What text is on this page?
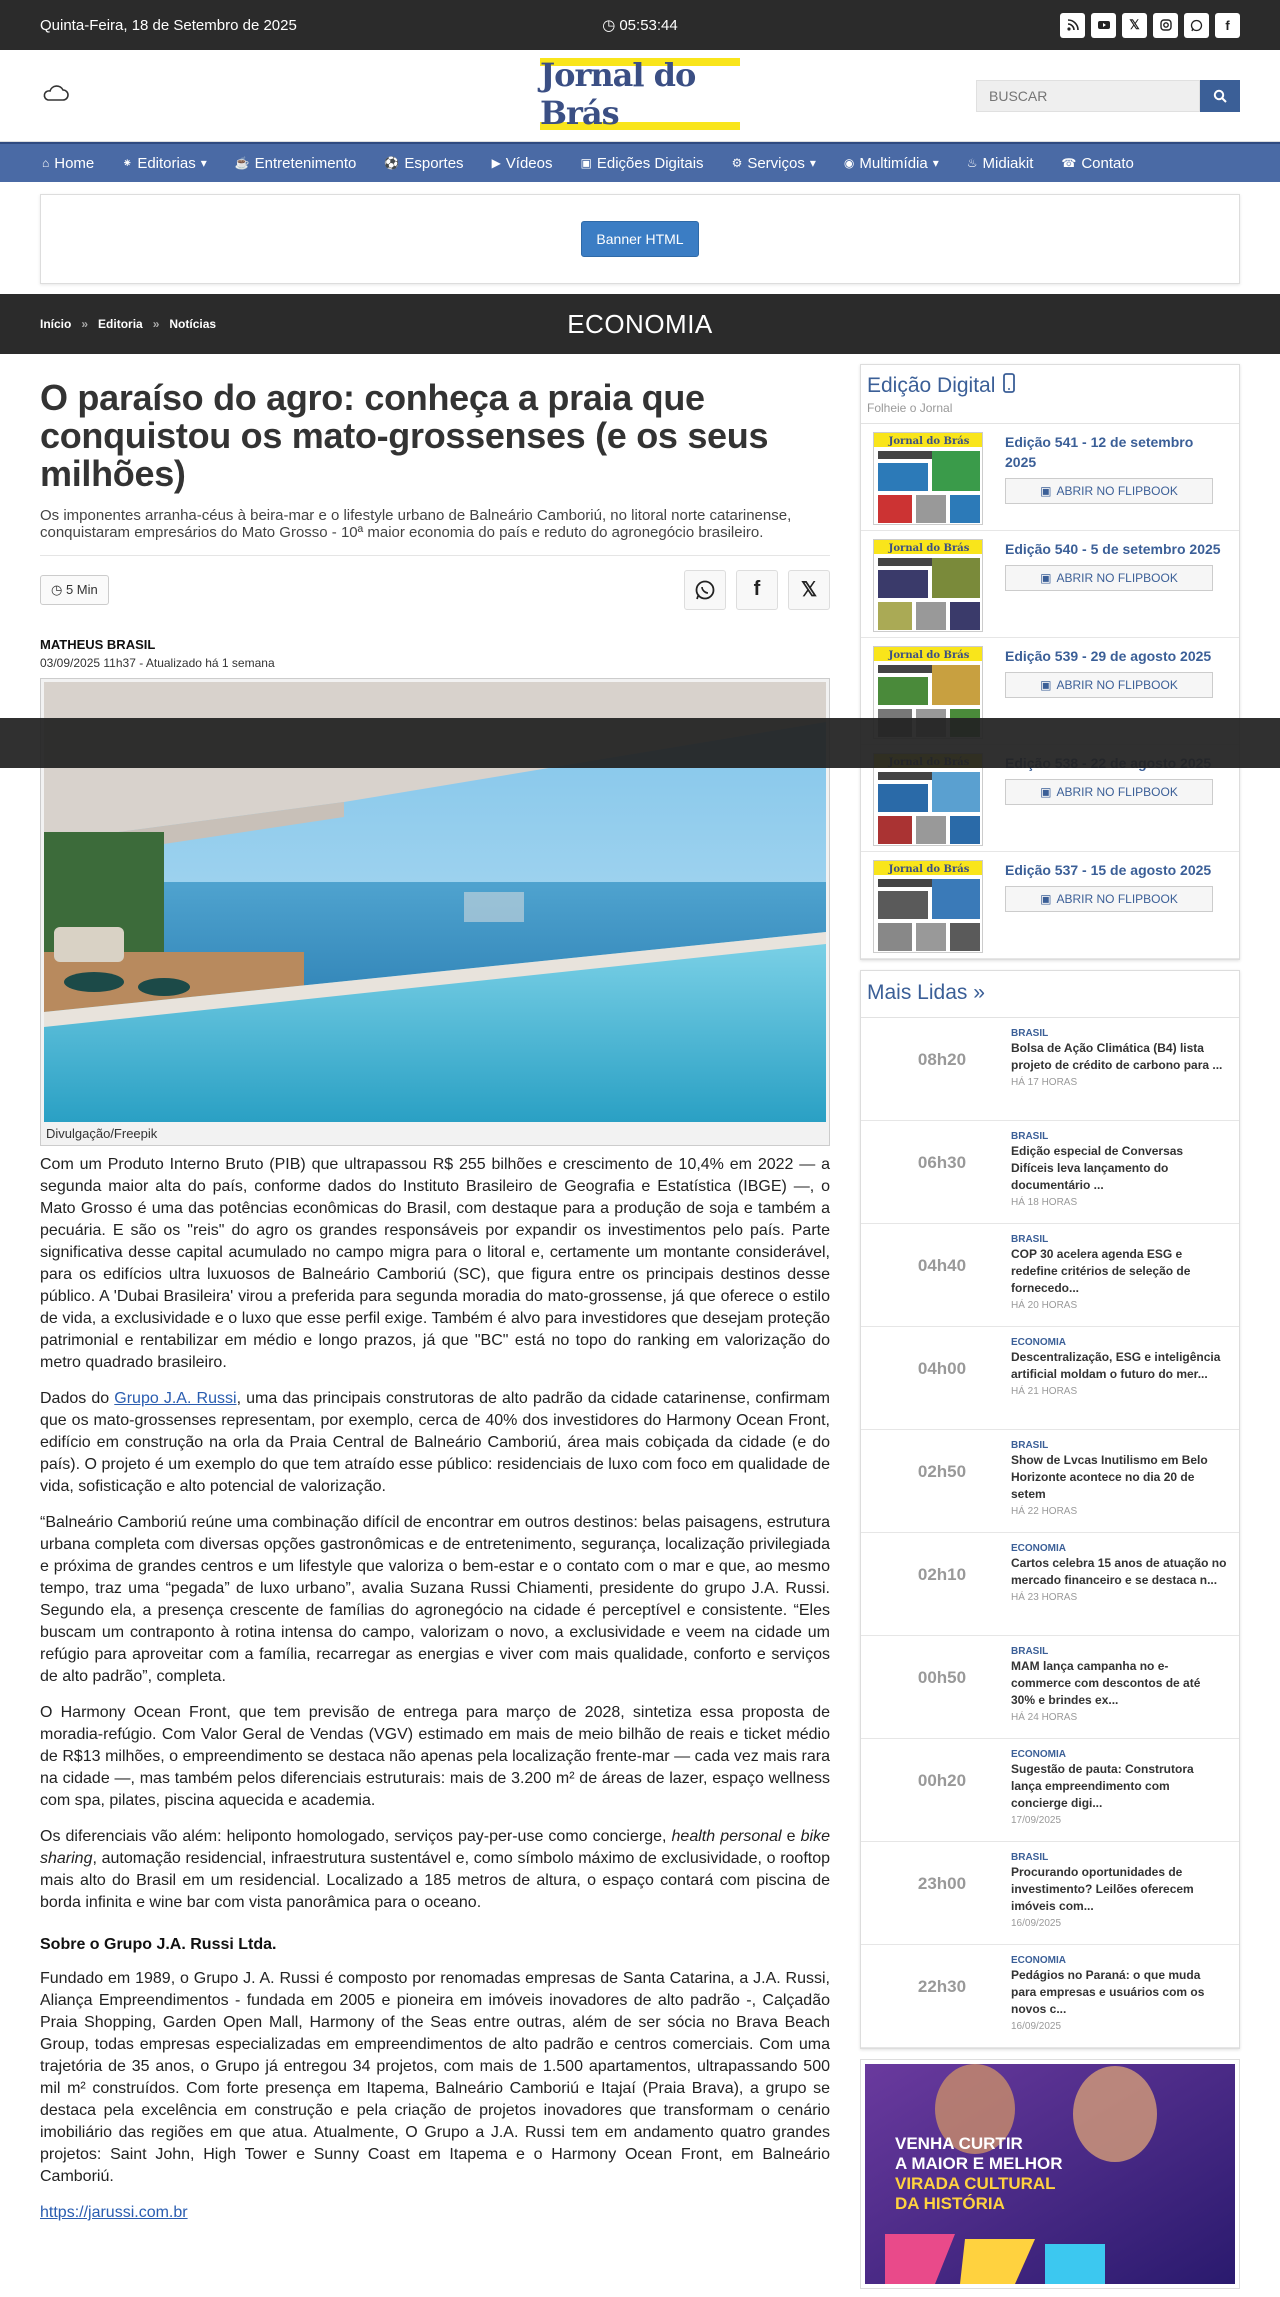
Quinta-Feira, 18 de Setembro de 2025	◷ 05:53:44	𝕏	f
Jornal do Brás
BUSCAR
⌂ Home ⁕ Editorias ▾ ☕ Entretenimento ⚽ Esportes ▶ Vídeos ▣ Edições Digitais ⚙ Serviços ▾ ◉ Multimídia ▾ ♨ Midiakit ☎ Contato
Banner HTML
Início » Editoria » Notícias	ECONOMIA
O paraíso do agro: conheça a praia que conquistou os mato-grossenses (e os seus milhões)
Os imponentes arranha-céus à beira-mar e o lifestyle urbano de Balneário Camboriú, no litoral norte catarinense, conquistaram empresários do Mato Grosso - 10ª maior economia do país e reduto do agronegócio brasileiro.
◷ 5 Min	f 𝕏
MATHEUS BRASIL
03/09/2025 11h37 - Atualizado há 1 semana
Divulgação/Freepik

Com um Produto Interno Bruto (PIB) que ultrapassou R$ 255 bilhões e crescimento de 10,4% em 2022 — a segunda maior alta do país, conforme dados do Instituto Brasileiro de Geografia e Estatística (IBGE) —, o Mato Grosso é uma das potências econômicas do Brasil, com destaque para a produção de soja e também a pecuária. E são os "reis" do agro os grandes responsáveis por expandir os investimentos pelo país. Parte significativa desse capital acumulado no campo migra para o litoral e, certamente um montante considerável, para os edifícios ultra luxuosos de Balneário Camboriú (SC), que figura entre os principais destinos desse público. A 'Dubai Brasileira' virou a preferida para segunda moradia do mato-grossense, já que oferece o estilo de vida, a exclusividade e o luxo que esse perfil exige. Também é alvo para investidores que desejam proteção patrimonial e rentabilizar em médio e longo prazos, já que "BC" está no topo do ranking em valorização do metro quadrado brasileiro.

Dados do Grupo J.A. Russi, uma das principais construtoras de alto padrão da cidade catarinense, confirmam que os mato-grossenses representam, por exemplo, cerca de 40% dos investidores do Harmony Ocean Front, edifício em construção na orla da Praia Central de Balneário Camboriú, área mais cobiçada da cidade (e do país). O projeto é um exemplo do que tem atraído esse público: residenciais de luxo com foco em qualidade de vida, sofisticação e alto potencial de valorização.

“Balneário Camboriú reúne uma combinação difícil de encontrar em outros destinos: belas paisagens, estrutura urbana completa com diversas opções gastronômicas e de entretenimento, segurança, localização privilegiada e próxima de grandes centros e um lifestyle que valoriza o bem-estar e o contato com o mar e que, ao mesmo tempo, traz uma “pegada” de luxo urbano”, avalia Suzana Russi Chiamenti, presidente do grupo J.A. Russi. Segundo ela, a presença crescente de famílias do agronegócio na cidade é perceptível e consistente. “Eles buscam um contraponto à rotina intensa do campo, valorizam o novo, a exclusividade e veem na cidade um refúgio para aproveitar com a família, recarregar as energias e viver com mais qualidade, conforto e serviços de alto padrão”, completa.

O Harmony Ocean Front, que tem previsão de entrega para março de 2028, sintetiza essa proposta de moradia-refúgio. Com Valor Geral de Vendas (VGV) estimado em mais de meio bilhão de reais e ticket médio de R$13 milhões, o empreendimento se destaca não apenas pela localização frente-mar — cada vez mais rara na cidade —, mas também pelos diferenciais estruturais: mais de 3.200 m² de áreas de lazer, espaço wellness com spa, pilates, piscina aquecida e academia.

Os diferenciais vão além: heliponto homologado, serviços pay-per-use como concierge, health personal e bike sharing, automação residencial, infraestrutura sustentável e, como símbolo máximo de exclusividade, o rooftop mais alto do Brasil em um residencial. Localizado a 185 metros de altura, o espaço contará com piscina de borda infinita e wine bar com vista panorâmica para o oceano.

Sobre o Grupo J.A. Russi Ltda.

Fundado em 1989, o Grupo J. A. Russi é composto por renomadas empresas de Santa Catarina, a J.A. Russi, Aliança Empreendimentos - fundada em 2005 e pioneira em imóveis inovadores de alto padrão -, Calçadão Praia Shopping, Garden Open Mall, Harmony of the Seas entre outras, além de ser sócia no Brava Beach Group, todas empresas especializadas em empreendimentos de alto padrão e centros comerciais. Com uma trajetória de 35 anos, o Grupo já entregou 34 projetos, com mais de 1.500 apartamentos, ultrapassando 500 mil m² construídos. Com forte presença em Itapema, Balneário Camboriú e Itajaí (Praia Brava), a grupo se destaca pela excelência em construção e pela criação de projetos inovadores que transformam o cenário imobiliário das regiões em que atua. Atualmente, O Grupo a J.A. Russi tem em andamento quatro grandes projetos: Saint John, High Tower e Sunny Coast em Itapema e o Harmony Ocean Front, em Balneário Camboriú.

https://jarussi.com.br

Edição Digital
Folheie o Jornal
Jornal do Brás	Edição 541 - 12 de setembro 2025
▣ ABRIR NO FLIPBOOK
Jornal do Brás	Edição 540 - 5 de setembro 2025
▣ ABRIR NO FLIPBOOK
Jornal do Brás	Edição 539 - 29 de agosto 2025
▣ ABRIR NO FLIPBOOK
▣ ABRIR NO FLIPBOOK
Jornal do Brás	Edição 537 - 15 de agosto 2025
▣ ABRIR NO FLIPBOOK
Mais Lidas »
08h20
BRASIL
Bolsa de Ação Climática (B4) lista projeto de crédito de carbono para ...
HÁ 17 HORAS
06h30
BRASIL
Edição especial de Conversas Difíceis leva lançamento do documentário ...
HÁ 18 HORAS
04h40
BRASIL
COP 30 acelera agenda ESG e redefine critérios de seleção de fornecedo...
HÁ 20 HORAS
04h00
ECONOMIA
Descentralização, ESG e inteligência artificial moldam o futuro do mer...
HÁ 21 HORAS
02h50
BRASIL
Show de Lvcas Inutilismo em Belo Horizonte acontece no dia 20 de setem
HÁ 22 HORAS
02h10
ECONOMIA
Cartos celebra 15 anos de atuação no mercado financeiro e se destaca n...
HÁ 23 HORAS
00h50
BRASIL
MAM lança campanha no e-commerce com descontos de até 30% e brindes ex...
HÁ 24 HORAS
00h20
ECONOMIA
Sugestão de pauta: Construtora lança empreendimento com concierge digi...
17/09/2025
23h00
BRASIL
Procurando oportunidades de investimento? Leilões oferecem imóveis com...
16/09/2025
22h30
ECONOMIA
Pedágios no Paraná: o que muda para empresas e usuários com os novos c...
16/09/2025
VENHA CURTIR
A MAIOR E MELHOR
VIRADA CULTURAL
DA HISTÓRIA
